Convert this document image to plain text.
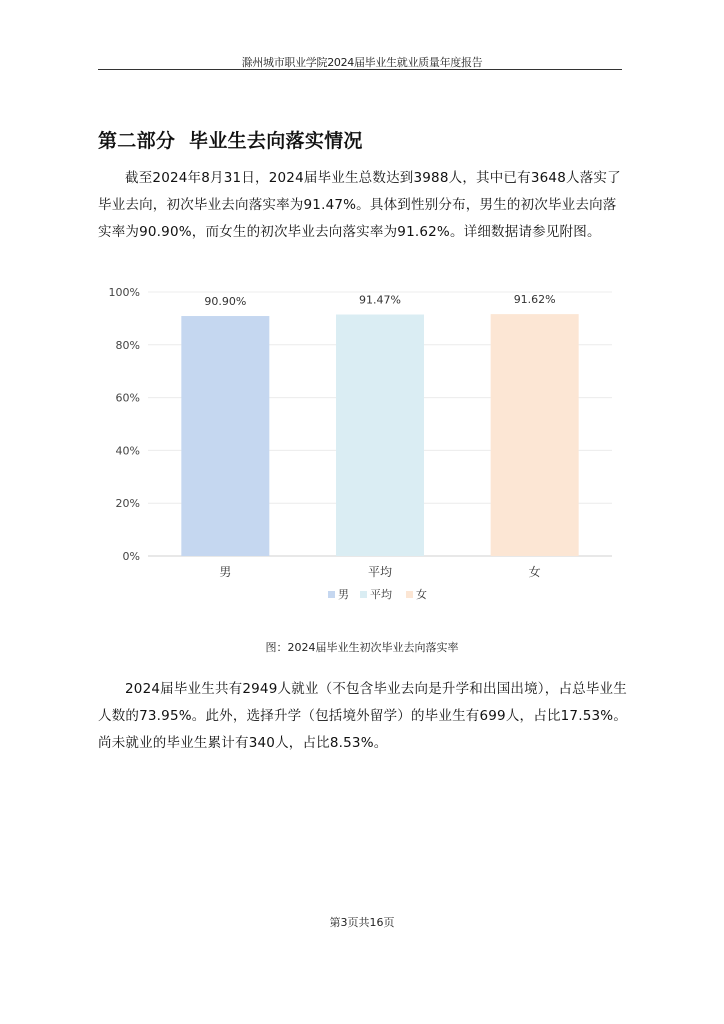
滁州城市职业学院2024届毕业生就业质量年度报告
第二部分  毕业生去向落实情况

截至2024年8月31日，2024届毕业生总数达到3988人，其中已有3648人落实了毕业去向，初次毕业去向落实率为91.47%。具体到性别分布，男生的初次毕业去向落实率为90.90%，而女生的初次毕业去向落实率为91.62%。详细数据请参见附图。

0%
20%
40%
60%
80%
100%
90.90%
男
91.47%
平均
91.62%
女
男 平均 女
图：2024届毕业生初次毕业去向落实率

2024届毕业生共有2949人就业（不包含毕业去向是升学和出国出境），占总毕业生人数的73.95%。此外，选择升学（包括境外留学）的毕业生有699人，占比17.53%。尚未就业的毕业生累计有340人，占比8.53%。

第3页共16页
